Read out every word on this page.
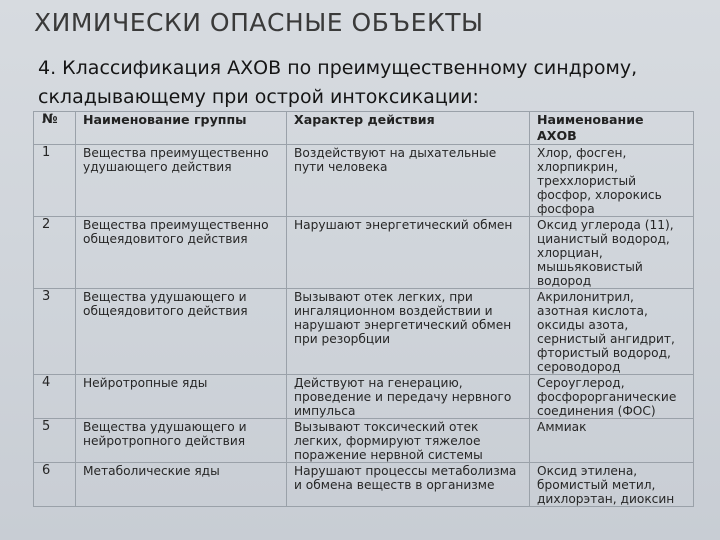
ХИМИЧЕСКИ ОПАСНЫЕ ОБЪЕКТЫ
4. Классификация АХОВ по преимущественному синдрому, складывающему при острой интоксикации:
№	Наименование группы	Характер действия	Наименование АХОВ
1	Вещества преимущественно удушающего действия	Воздействуют на дыхательные пути человека	Хлор, фосген, хлорпикрин, треххлористый фосфор, хлорокись фосфора
2	Вещества преимущественно общеядовитого действия	Нарушают энергетический обмен	Оксид углерода (11), цианистый водород, хлорциан, мышьяковистый водород
3	Вещества удушающего и общеядовитого действия	Вызывают отек легких, при ингаляционном воздействии и нарушают энергетический обмен при резорбции	Акрилонитрил, азотная кислота, оксиды азота, сернистый ангидрит, фтористый водород, сероводород
4	Нейротропные яды	Действуют на генерацию, проведение и передачу нервного импульса	Сероуглерод, фосфорорганические соединения (ФОС)
5	Вещества удушающего и нейротропного действия	Вызывают токсический отек легких, формируют тяжелое поражение нервной системы	Аммиак
6	Метаболические яды	Нарушают процессы метаболизма и обмена веществ в организме	Оксид этилена, бромистый метил, дихлорэтан, диоксин
